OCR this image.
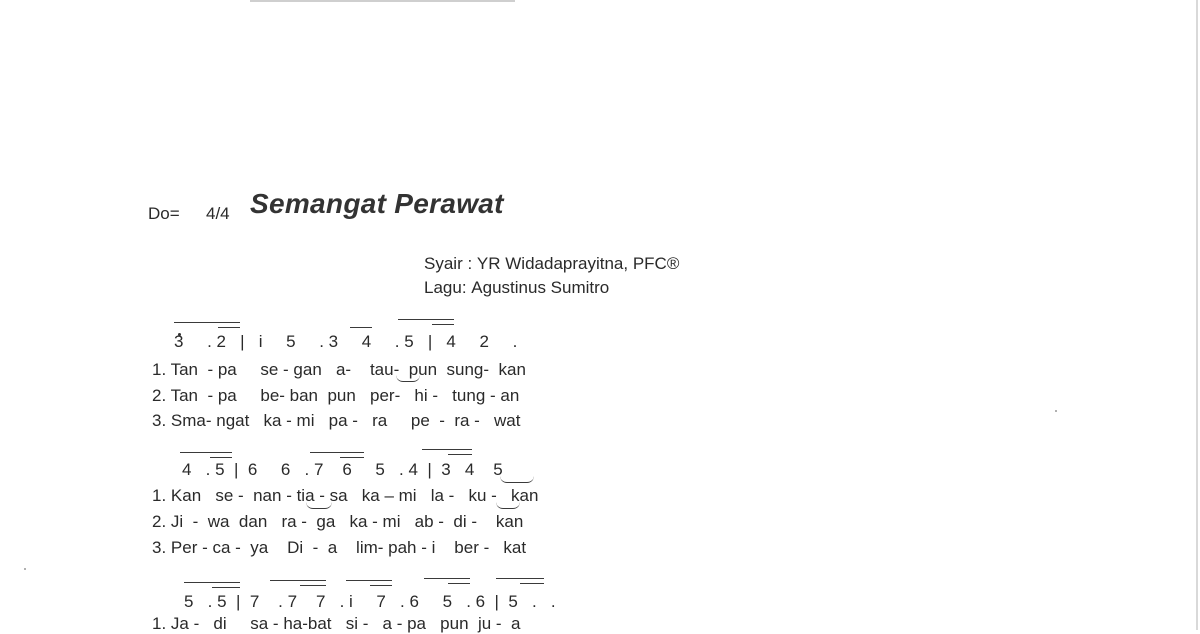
Do= 4/4 Semangat Perawat
Syair : YR Widadaprayitna, PFC®
Lagu: Agustinus Sumitro
3     . 2   |   i     5     . 3     4     . 5   |   4     2     .
1. Tan  - pa     se - gan   a-    tau-  pun  sung-  kan
2. Tan  - pa     be- ban  pun   per-   hi -   tung - an
3. Sma- ngat   ka - mi   pa -   ra     pe  -  ra -   wat
4   . 5  |  6     6   . 7    6     5   . 4  |  3   4    5
1. Kan   se -  nan - tia - sa   ka – mi   la -   ku -   kan
2. Ji  -  wa  dan   ra -  ga   ka - mi   ab -  di -    kan
3. Per - ca -  ya    Di  -  a    lim- pah - i    ber -   kat
5   . 5  |  7    . 7    7   . i     7   . 6     5   . 6  |  5   .   .
1. Ja -   di     sa - ha-bat   si -   a - pa   pun  ju -  a
